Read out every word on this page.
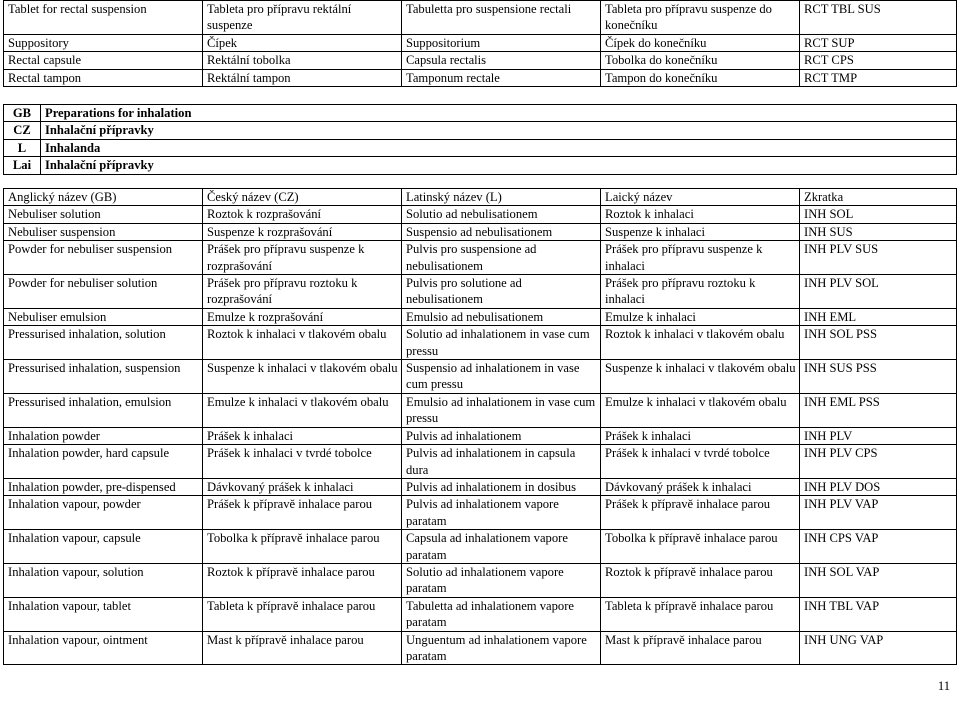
Tablet for rectal suspension	Tableta pro přípravu rektální suspenze	Tabuletta pro suspensione rectali	Tableta pro přípravu suspenze do konečníku	RCT TBL SUS
Suppository	Čípek	Suppositorium	Čípek do konečníku	RCT SUP
Rectal capsule	Rektální tobolka	Capsula rectalis	Tobolka do konečníku	RCT CPS
Rectal tampon	Rektální tampon	Tamponum rectale	Tampon do konečníku	RCT TMP
GB	Preparations for inhalation
CZ	Inhalační přípravky
L	Inhalanda
Lai	Inhalační přípravky
Anglický název (GB)	Český název (CZ)	Latinský název (L)	Laický název	Zkratka
Nebuliser solution	Roztok k rozprašování	Solutio ad nebulisationem	Roztok k inhalaci	INH SOL
Nebuliser suspension	Suspenze k rozprašování	Suspensio ad nebulisationem	Suspenze k inhalaci	INH SUS
Powder for nebuliser suspension	Prášek pro přípravu suspenze k rozprašování	Pulvis pro suspensione ad nebulisationem	Prášek pro přípravu suspenze k inhalaci	INH PLV SUS
Powder for nebuliser solution	Prášek pro přípravu roztoku k rozprašování	Pulvis pro solutione ad nebulisationem	Prášek pro přípravu roztoku k inhalaci	INH PLV SOL
Nebuliser emulsion	Emulze k rozprašování	Emulsio ad nebulisationem	Emulze k inhalaci	INH EML
Pressurised inhalation, solution	Roztok k inhalaci v tlakovém obalu	Solutio ad inhalationem in vase cum pressu	Roztok k inhalaci v tlakovém obalu	INH SOL PSS
Pressurised inhalation, suspension	Suspenze k inhalaci v tlakovém obalu	Suspensio ad inhalationem in vase cum pressu	Suspenze k inhalaci v tlakovém obalu	INH SUS PSS
Pressurised inhalation, emulsion	Emulze k inhalaci v tlakovém obalu	Emulsio ad inhalationem in vase cum pressu	Emulze k inhalaci v tlakovém obalu	INH EML PSS
Inhalation powder	Prášek k inhalaci	Pulvis ad inhalationem	Prášek k inhalaci	INH PLV
Inhalation powder, hard capsule	Prášek k inhalaci v tvrdé tobolce	Pulvis ad inhalationem in capsula dura	Prášek k inhalaci v tvrdé tobolce	INH PLV CPS
Inhalation powder, pre-dispensed	Dávkovaný prášek k inhalaci	Pulvis ad inhalationem in dosibus	Dávkovaný prášek k inhalaci	INH PLV DOS
Inhalation vapour, powder	Prášek k přípravě inhalace parou	Pulvis ad inhalationem vapore paratam	Prášek k přípravě inhalace parou	INH PLV VAP
Inhalation vapour, capsule	Tobolka k přípravě inhalace parou	Capsula ad inhalationem vapore paratam	Tobolka k přípravě inhalace parou	INH CPS VAP
Inhalation vapour, solution	Roztok k přípravě inhalace parou	Solutio ad inhalationem vapore paratam	Roztok k přípravě inhalace parou	INH SOL VAP
Inhalation vapour, tablet	Tableta k přípravě inhalace parou	Tabuletta ad inhalationem vapore paratam	Tableta k přípravě inhalace parou	INH TBL VAP
Inhalation vapour, ointment	Mast k přípravě inhalace parou	Unguentum ad inhalationem vapore paratam	Mast k přípravě inhalace parou	INH UNG VAP
11
